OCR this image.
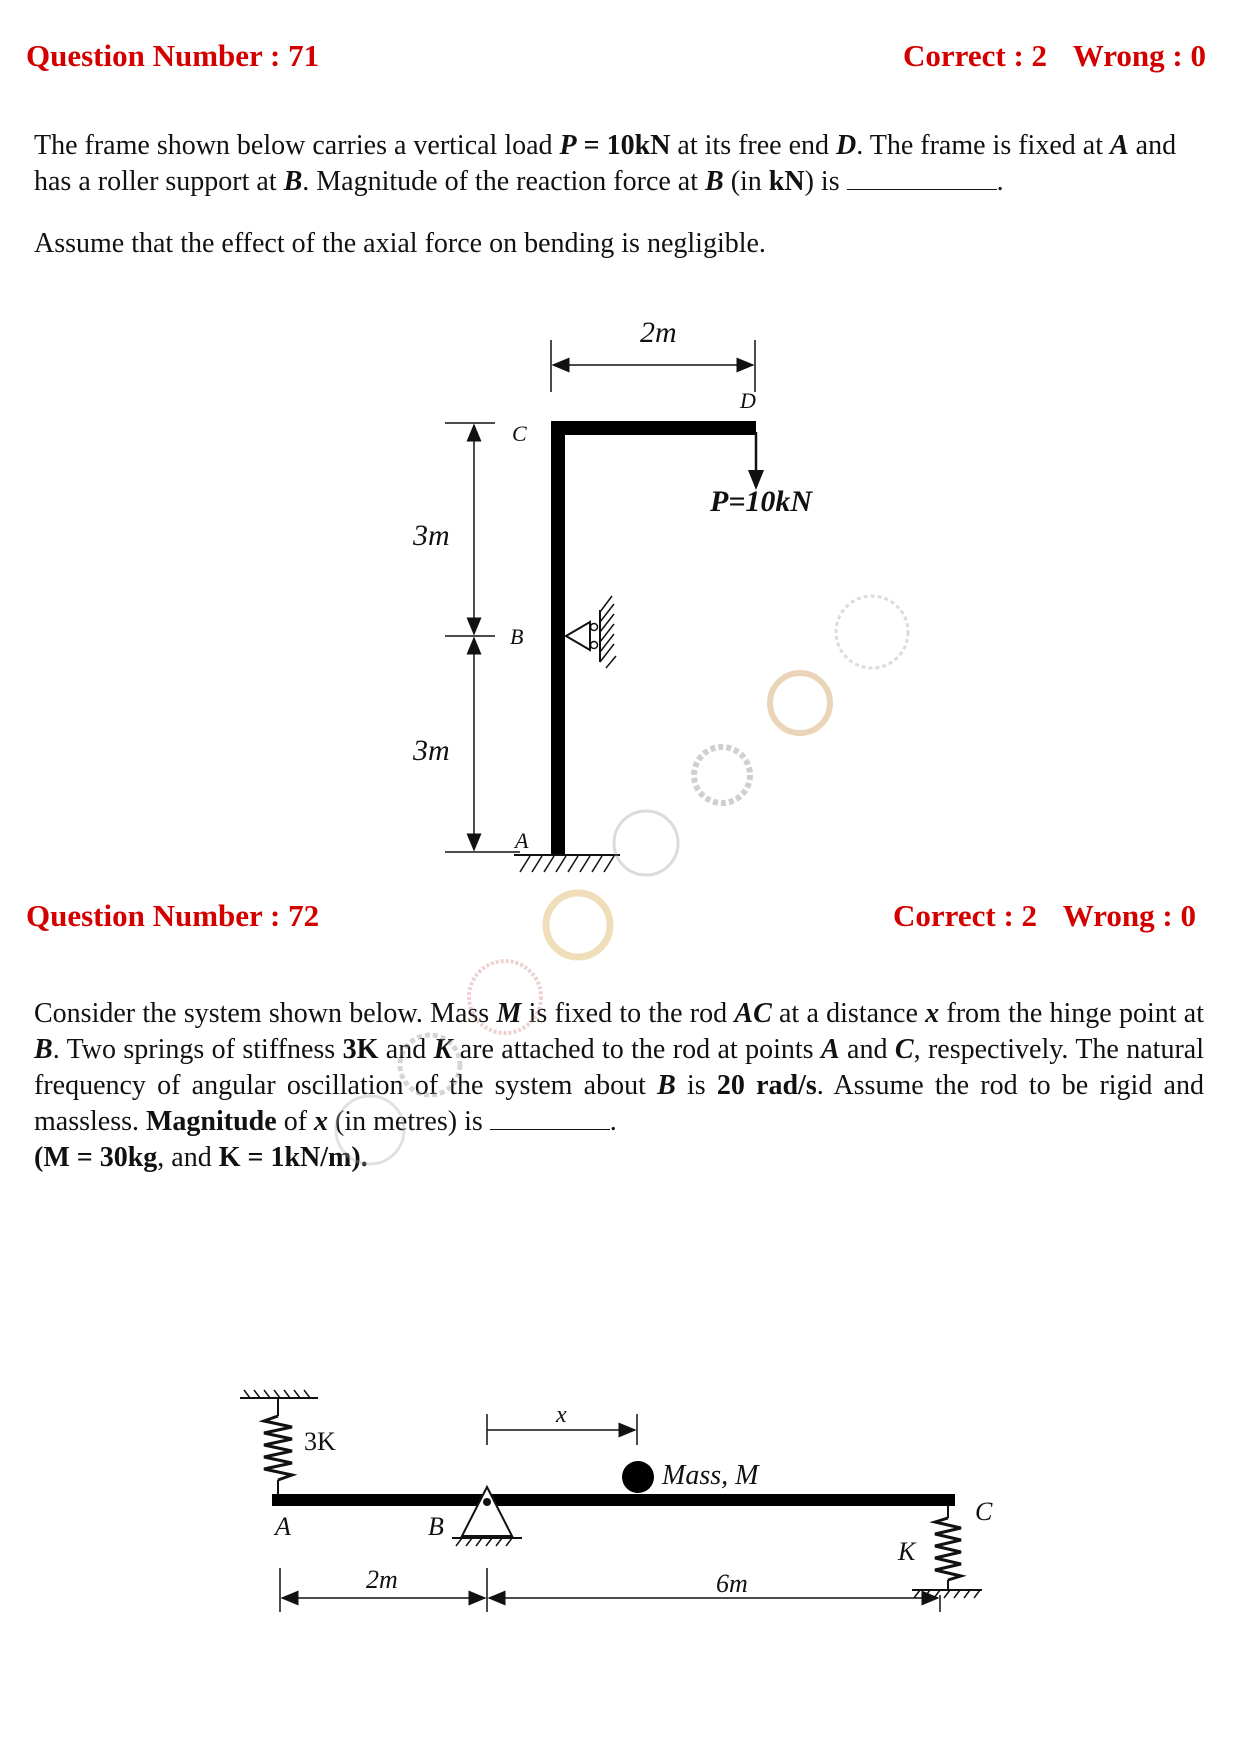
Question Number : 71	Correct : 2 Wrong : 0
The frame shown below carries a vertical load P = 10kN at its free end D. The frame is fixed at A and has a roller support at B. Magnitude of the reaction force at B (in kN) is	.
Assume that the effect of the axial force on bending is negligible.
Question Number : 72	Correct : 2 Wrong : 0
Consider the system shown below. Mass M is fixed to the rod AC at a distance x from the hinge point at B. Two springs of stiffness 3K and K are attached to the rod at points A and C, respectively. The natural frequency of angular oscillation of the system about B is 20 rad/s. Assume the rod to be rigid and massless. Magnitude of x (in metres) is	.
(M = 30kg, and K = 1kN/m).
2m
D
C
P=10kN
3m
3m
B
A
3K
A	B
x
Mass, M
C
K
2m	6m
